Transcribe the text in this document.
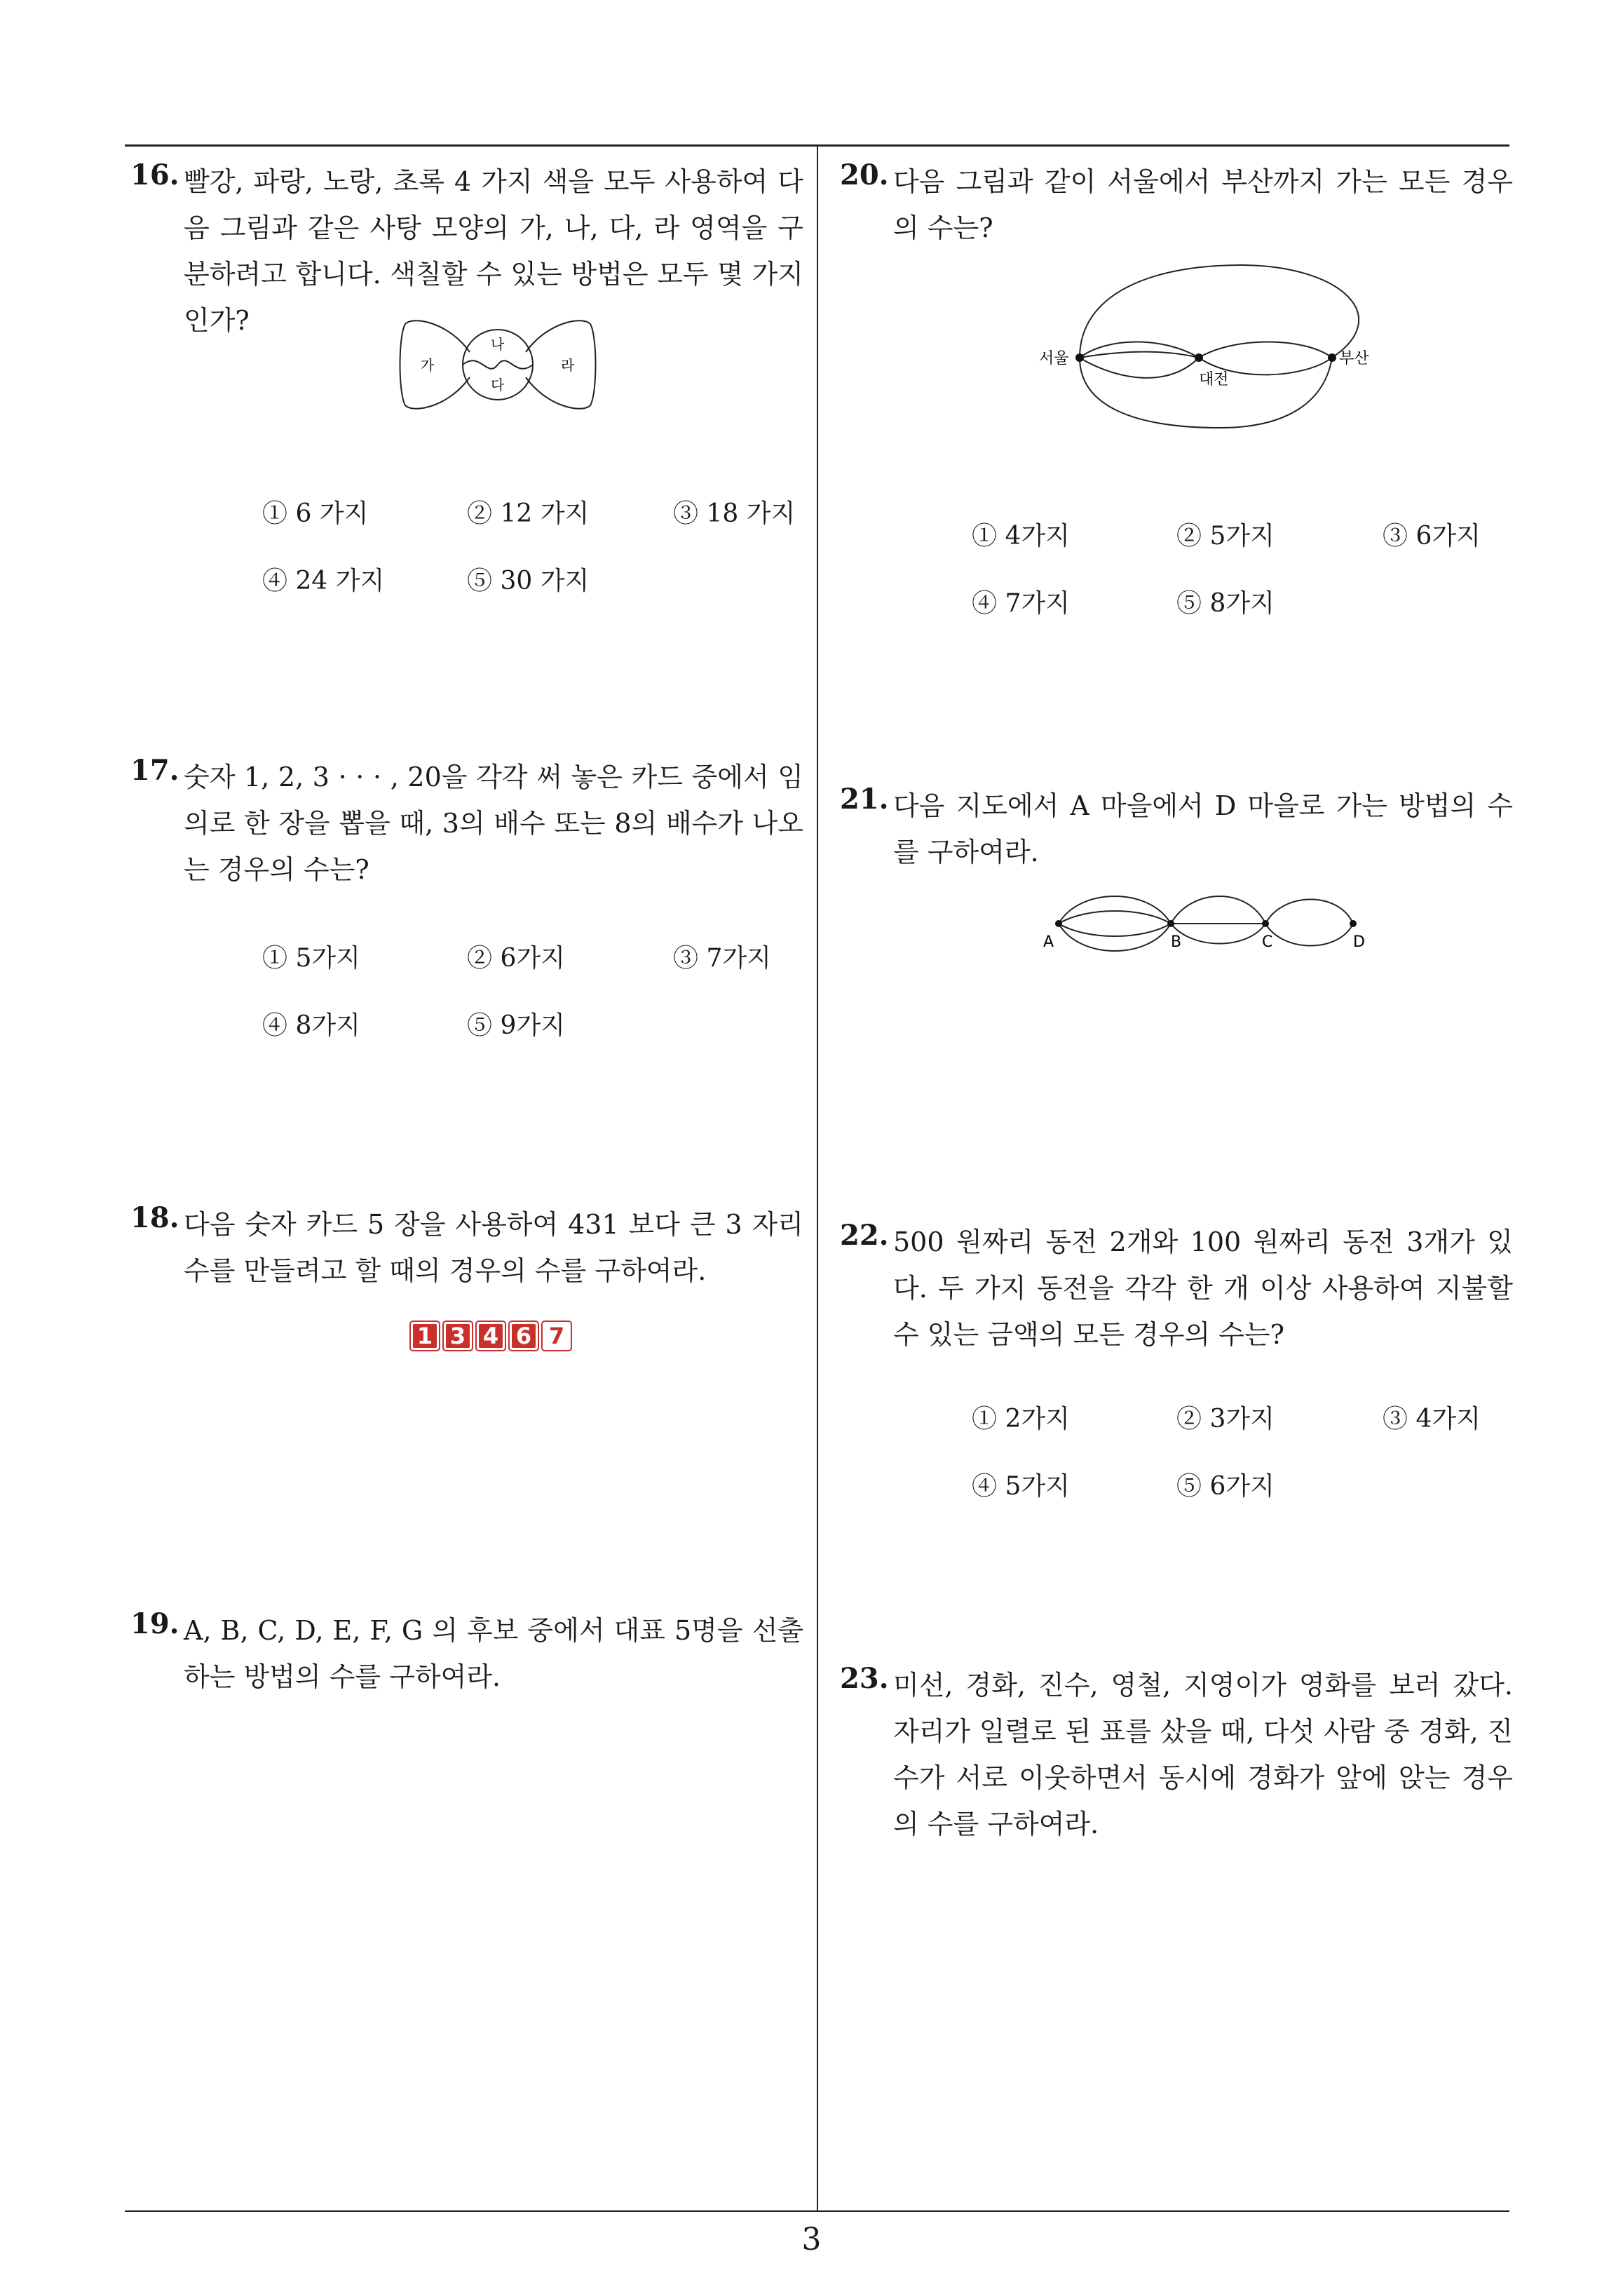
16. 빨강, 파랑, 노랑, 초록 4 가지 색을 모두 사용하여 다음 그림과 같은 사탕 모양의 가, 나, 다, 라 영역을 구분하려고 합니다. 색칠할 수 있는 방법은 모두 몇 가지인가?
가
나
다
라
① 6 가지	② 12 가지	③ 18 가지
④ 24 가지	⑤ 30 가지
17. 숫자 1, 2, 3 · · · , 20을 각각 써 놓은 카드 중에서 임의로 한 장을 뽑을 때, 3의 배수 또는 8의 배수가 나오는 경우의 수는?
① 5가지	② 6가지	③ 7가지
④ 8가지	⑤ 9가지
18. 다음 숫자 카드 5 장을 사용하여 431 보다 큰 3 자리 수를 만들려고 할 때의 경우의 수를 구하여라.
1 3 4 6 7
19. A, B, C, D, E, F, G 의 후보 중에서 대표 5명을 선출하는 방법의 수를 구하여라.
20. 다음 그림과 같이 서울에서 부산까지 가는 모든 경우의 수는?
서울
대전
부산
① 4가지	② 5가지	③ 6가지
④ 7가지	⑤ 8가지
21. 다음 지도에서 A 마을에서 D 마을로 가는 방법의 수를 구하여라.
A	B	C	D
22. 500 원짜리 동전 2개와 100 원짜리 동전 3개가 있다. 두 가지 동전을 각각 한 개 이상 사용하여 지불할 수 있는 금액의 모든 경우의 수는?
① 2가지	② 3가지	③ 4가지
④ 5가지	⑤ 6가지
23. 미선, 경화, 진수, 영철, 지영이가 영화를 보러 갔다. 자리가 일렬로 된 표를 샀을 때, 다섯 사람 중 경화, 진수가 서로 이웃하면서 동시에 경화가 앞에 앉는 경우의 수를 구하여라.
3
